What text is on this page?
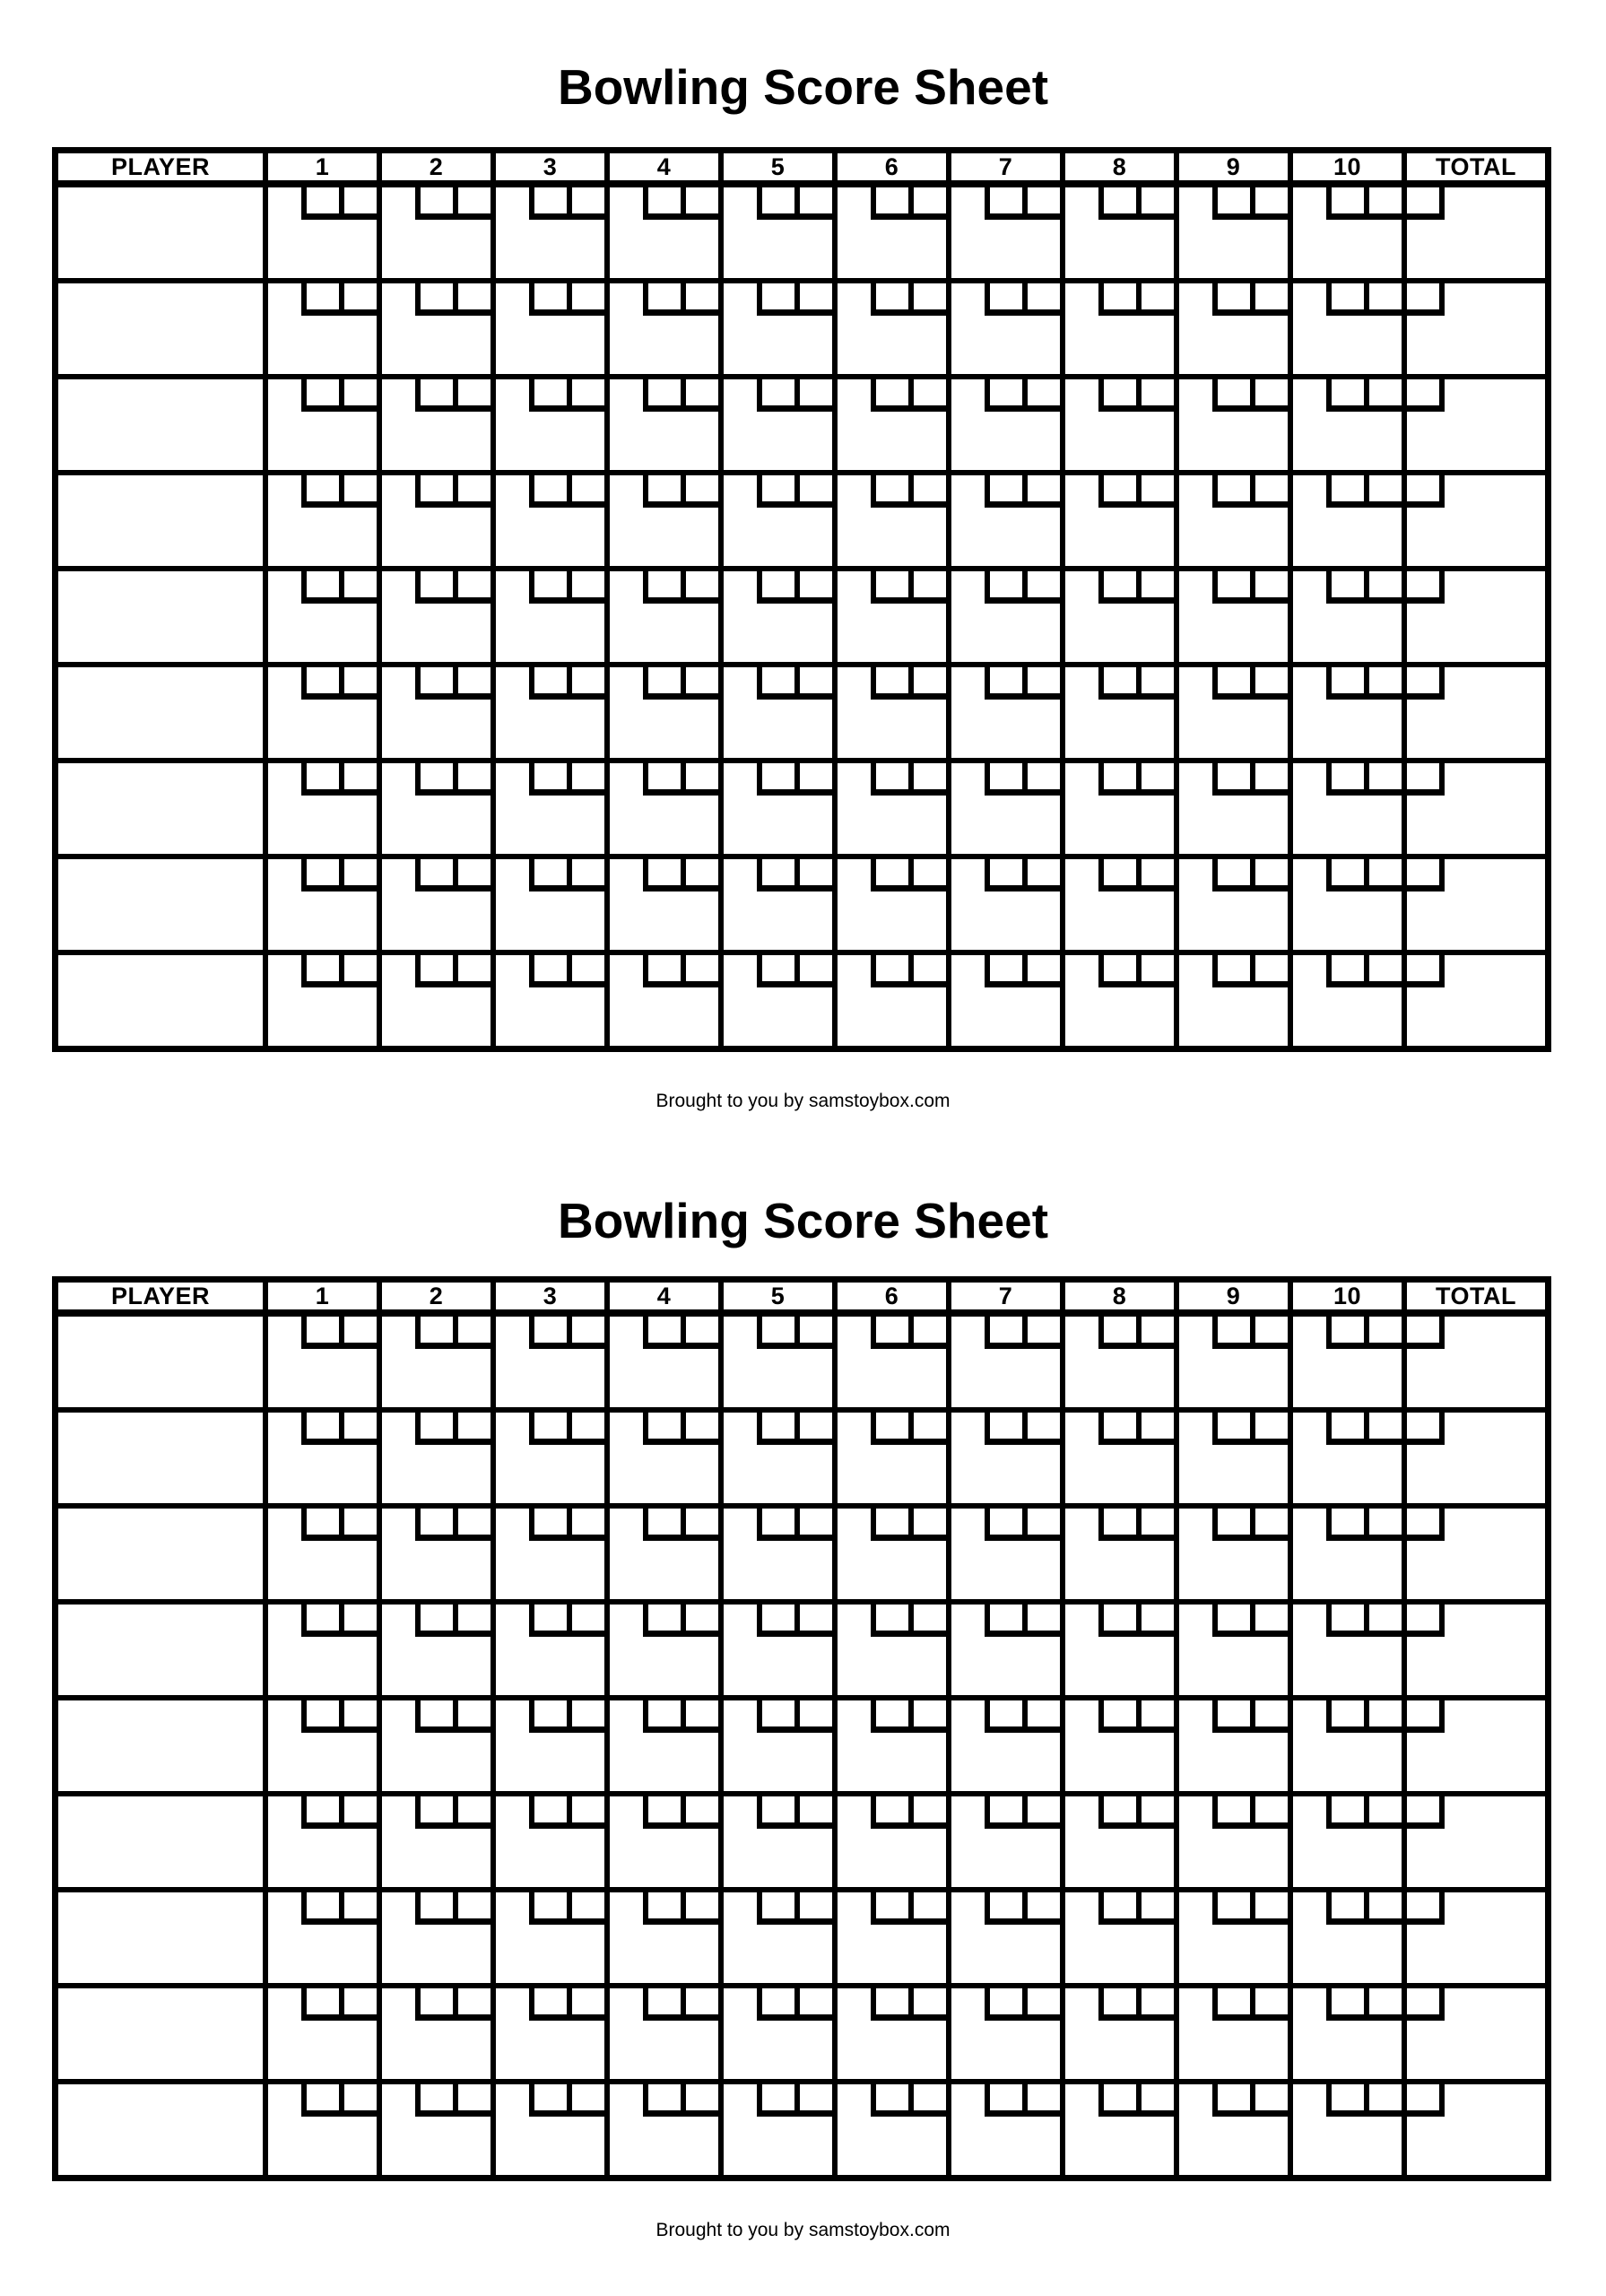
Bowling Score Sheet
PLAYER	1	2	3	4	5	6	7	8	9	10	TOTAL
Brought to you by samstoybox.com
Bowling Score Sheet
PLAYER	1	2	3	4	5	6	7	8	9	10	TOTAL
Brought to you by samstoybox.com
